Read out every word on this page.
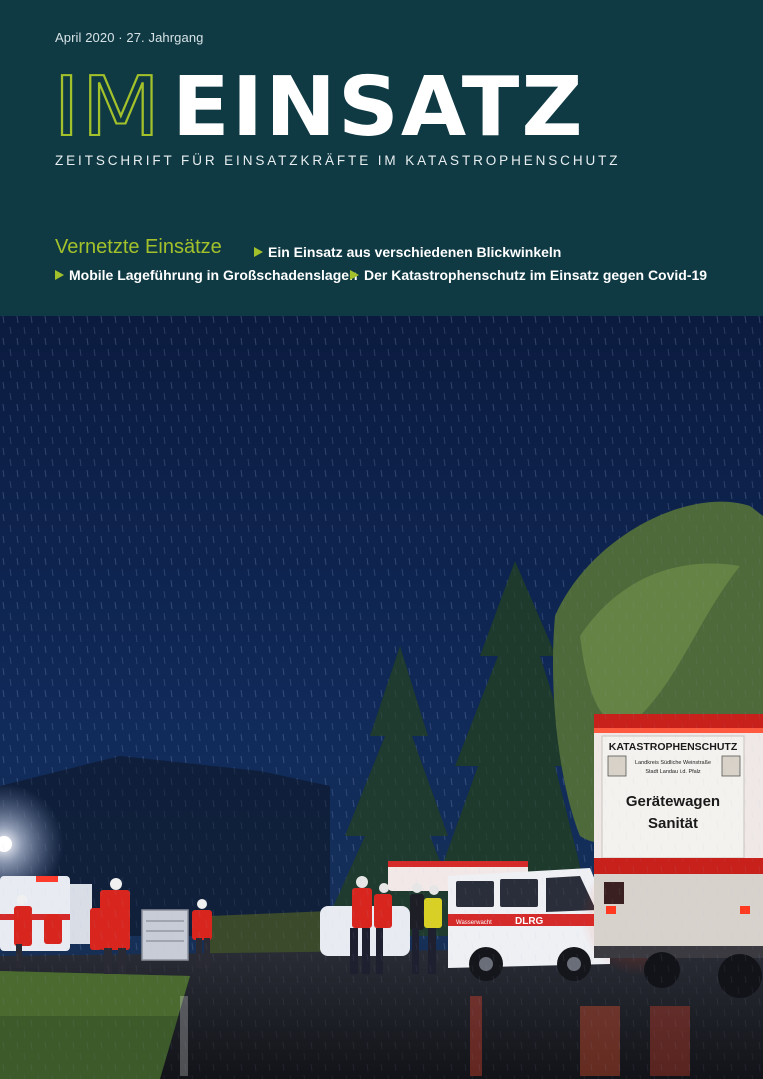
April 2020 · 27. Jahrgang
IM EINSATZ
ZEITSCHRIFT FÜR EINSATZKRÄFTE IM KATASTROPHENSCHUTZ
Vernetzte Einsätze	Ein Einsatz aus verschiedenen Blickwinkeln
Mobile Lageführung in Großschadenslagen Der Katastrophenschutz im Einsatz gegen Covid-19
